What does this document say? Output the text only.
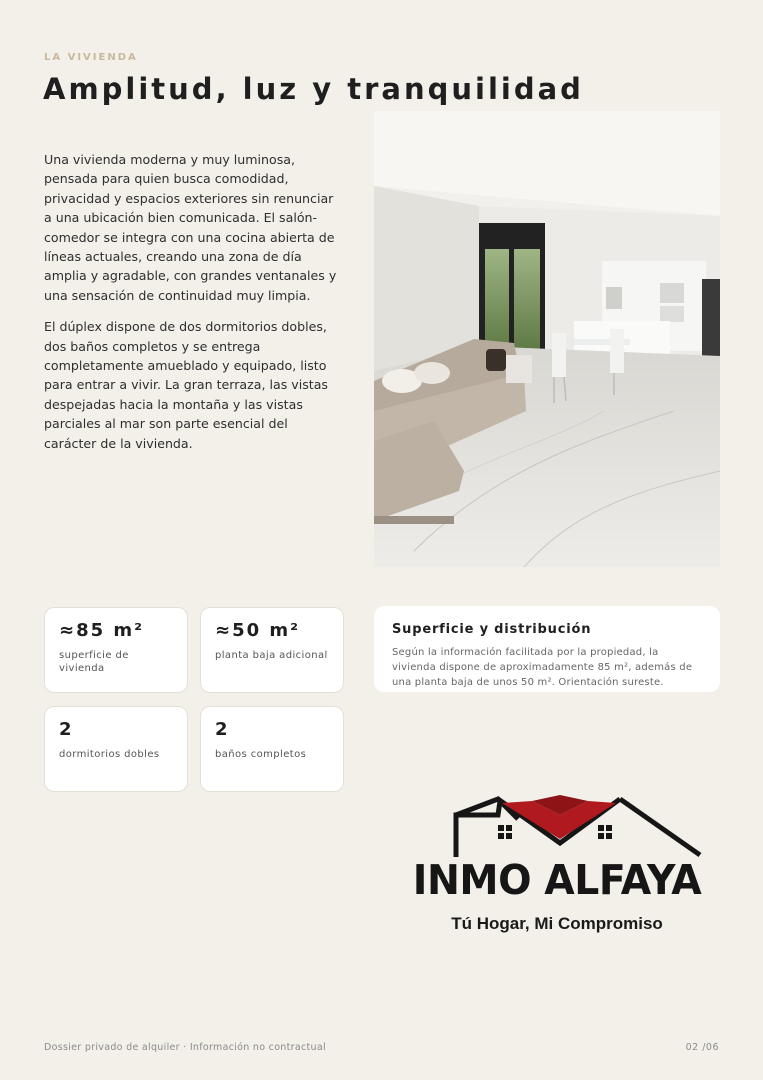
LA VIVIENDA
Amplitud, luz y tranquilidad

Una vivienda moderna y muy luminosa, pensada para quien busca comodidad, privacidad y espacios exteriores sin renunciar a una ubicación bien comunicada. El salón-comedor se integra con una cocina abierta de líneas actuales, creando una zona de día amplia y agradable, con grandes ventanales y una sensación de continuidad muy limpia.

El dúplex dispone de dos dormitorios dobles, dos baños completos y se entrega completamente amueblado y equipado, listo para entrar a vivir. La gran terraza, las vistas despejadas hacia la montaña y las vistas parciales al mar son parte esencial del carácter de la vivienda.

≈85 m²
superficie de vivienda
≈50 m²
planta baja adicional
2
dormitorios dobles
2
baños completos
Superficie y distribución

Según la información facilitada por la propiedad, la vivienda dispone de aproximadamente 85 m², además de una planta baja de unos 50 m². Orientación sureste.

INMO ALFAYA
Tú Hogar, Mi Compromiso
Dossier privado de alquiler · Información no contractual	02 /06
